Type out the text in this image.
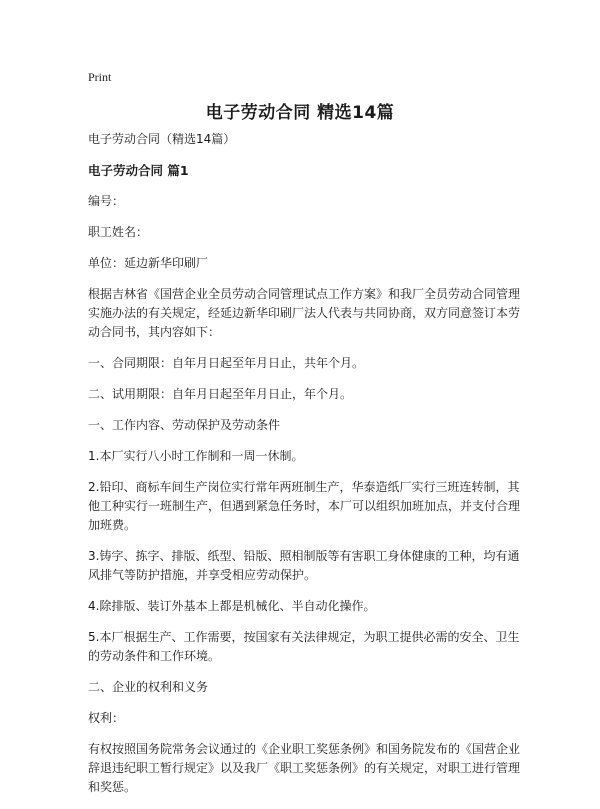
Print
电子劳动合同 精选14篇

电子劳动合同（精选14篇）

电子劳动合同 篇1

编号：

职工姓名：

单位：延边新华印刷厂

根据吉林省《国营企业全员劳动合同管理试点工作方案》和我厂全员劳动合同管理实施办法的有关规定，经延边新华印刷厂法人代表与共同协商，双方同意签订本劳动合同书，其内容如下：

一、合同期限：自年月日起至年月日止，共年个月。

二、试用期限：自年月日起至年月日止，年个月。

一、工作内容、劳动保护及劳动条件

1.本厂实行八小时工作制和一周一休制。

2.铅印、商标车间生产岗位实行常年两班制生产，华泰造纸厂实行三班连转制，其他工种实行一班制生产，但遇到紧急任务时，本厂可以组织加班加点，并支付合理加班费。

3.铸字、拣字、排版、纸型、铅版、照相制版等有害职工身体健康的工种，均有通风排气等防护措施，并享受相应劳动保护。

4.除排版、装订外基本上都是机械化、半自动化操作。

5.本厂根据生产、工作需要，按国家有关法律规定，为职工提供必需的安全、卫生的劳动条件和工作环境。

二、企业的权利和义务

权利：

有权按照国务院常务会议通过的《企业职工奖惩条例》和国务院发布的《国营企业辞退违纪职工暂行规定》以及我厂《职工奖惩条例》的有关规定，对职工进行管理和奖惩。
